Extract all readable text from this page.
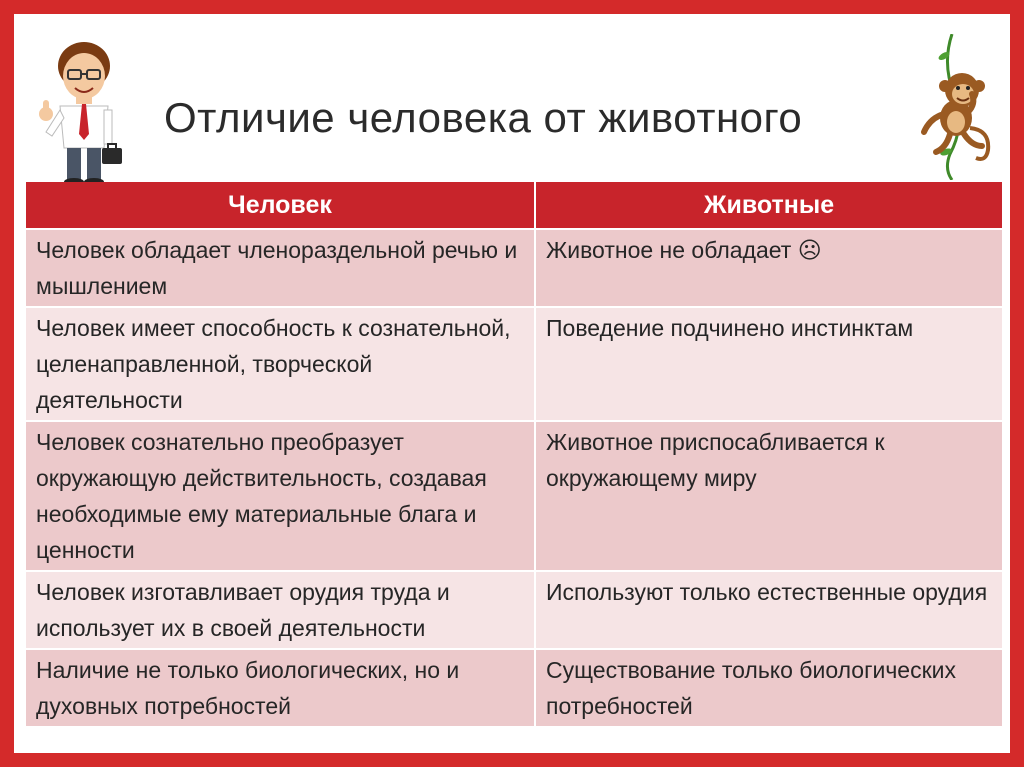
Отличие человека от животного
Человек	Животные
Человек обладает членораздельной речью и мышлением	Животное не обладает ☹
Человек имеет способность к сознательной, целенаправленной, творческой деятельности	Поведение подчинено инстинктам
Человек сознательно преобразует окружающую действительность, создавая необходимые ему материальные блага и ценности	Животное приспосабливается к окружающему миру
Человек изготавливает орудия труда и использует их в своей деятельности	Используют только естественные орудия
Наличие не только биологических, но и духовных потребностей	Существование только биологических потребностей
